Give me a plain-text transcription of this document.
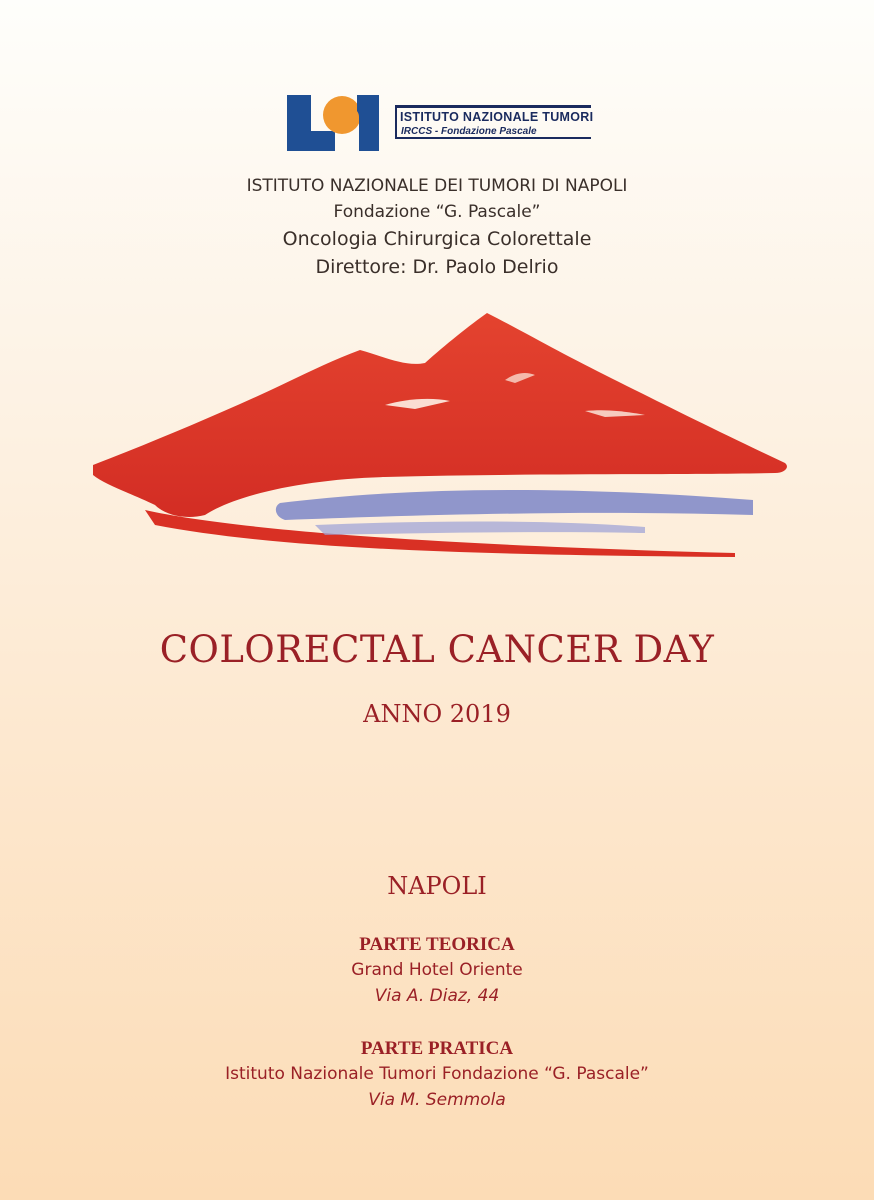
ISTITUTO NAZIONALE TUMORI
IRCCS - Fondazione Pascale
ISTITUTO NAZIONALE DEI TUMORI DI NAPOLI
Fondazione “G. Pascale”
Oncologia Chirurgica Colorettale
Direttore: Dr. Paolo Delrio
COLORECTAL CANCER DAY
ANNO 2019
NAPOLI
PARTE TEORICA
Grand Hotel Oriente
Via A. Diaz, 44
PARTE PRATICA
Istituto Nazionale Tumori Fondazione “G. Pascale”
Via M. Semmola
